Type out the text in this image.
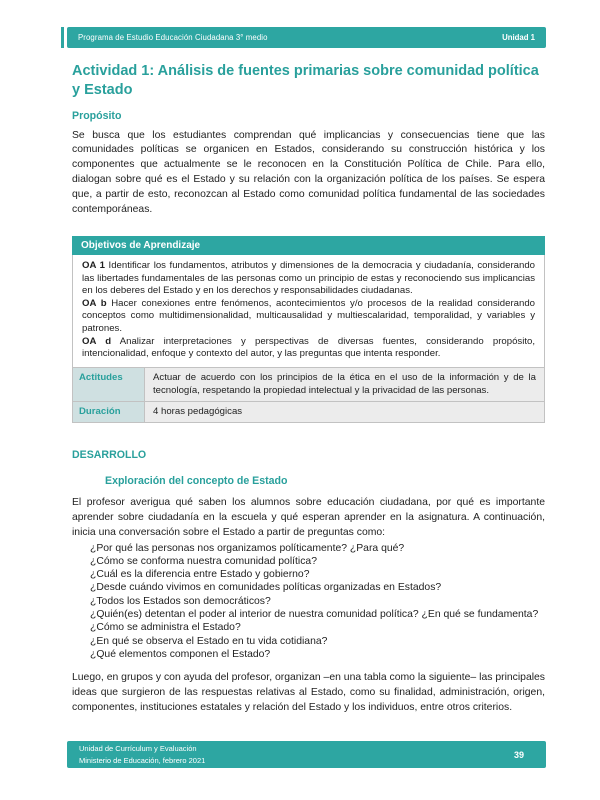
Programa de Estudio Educación Ciudadana 3° medio	Unidad 1
Actividad 1: Análisis de fuentes primarias sobre comunidad política y Estado
Propósito

Se busca que los estudiantes comprendan qué implicancias y consecuencias tiene que las comunidades políticas se organicen en Estados, considerando su construcción histórica y los componentes que actualmente se le reconocen en la Constitución Política de Chile. Para ello, dialogan sobre qué es el Estado y su relación con la organización política de los países. Se espera que, a partir de esto, reconozcan al Estado como comunidad política fundamental de las sociedades contemporáneas.

Objetivos de Aprendizaje

OA 1 Identificar los fundamentos, atributos y dimensiones de la democracia y ciudadanía, considerando las libertades fundamentales de las personas como un principio de estas y reconociendo sus implicancias en los deberes del Estado y en los derechos y responsabilidades ciudadanas.

OA b Hacer conexiones entre fenómenos, acontecimientos y/o procesos de la realidad considerando conceptos como multidimensionalidad, multicausalidad y multiescalaridad, temporalidad, y variables y patrones.

OA d Analizar interpretaciones y perspectivas de diversas fuentes, considerando propósito, intencionalidad, enfoque y contexto del autor, y las preguntas que intenta responder.

Actitudes	Actuar de acuerdo con los principios de la ética en el uso de la información y de la tecnología, respetando la propiedad intelectual y la privacidad de las personas.
Duración	4 horas pedagógicas
DESARROLLO
Exploración del concepto de Estado

El profesor averigua qué saben los alumnos sobre educación ciudadana, por qué es importante aprender sobre ciudadanía en la escuela y qué esperan aprender en la asignatura. A continuación, inicia una conversación sobre el Estado a partir de preguntas como:

¿Por qué las personas nos organizamos políticamente? ¿Para qué?

¿Cómo se conforma nuestra comunidad política?

¿Cuál es la diferencia entre Estado y gobierno?

¿Desde cuándo vivimos en comunidades políticas organizadas en Estados?

¿Todos los Estados son democráticos?

¿Quién(es) detentan el poder al interior de nuestra comunidad política? ¿En qué se fundamenta?

¿Cómo se administra el Estado?

¿En qué se observa el Estado en tu vida cotidiana?

¿Qué elementos componen el Estado?

Luego, en grupos y con ayuda del profesor, organizan –en una tabla como la siguiente– las principales ideas que surgieron de las respuestas relativas al Estado, como su finalidad, administración, origen, componentes, instituciones estatales y relación del Estado y los individuos, entre otros criterios.

Unidad de Currículum y Evaluación
Ministerio de Educación, febrero 2021
39
